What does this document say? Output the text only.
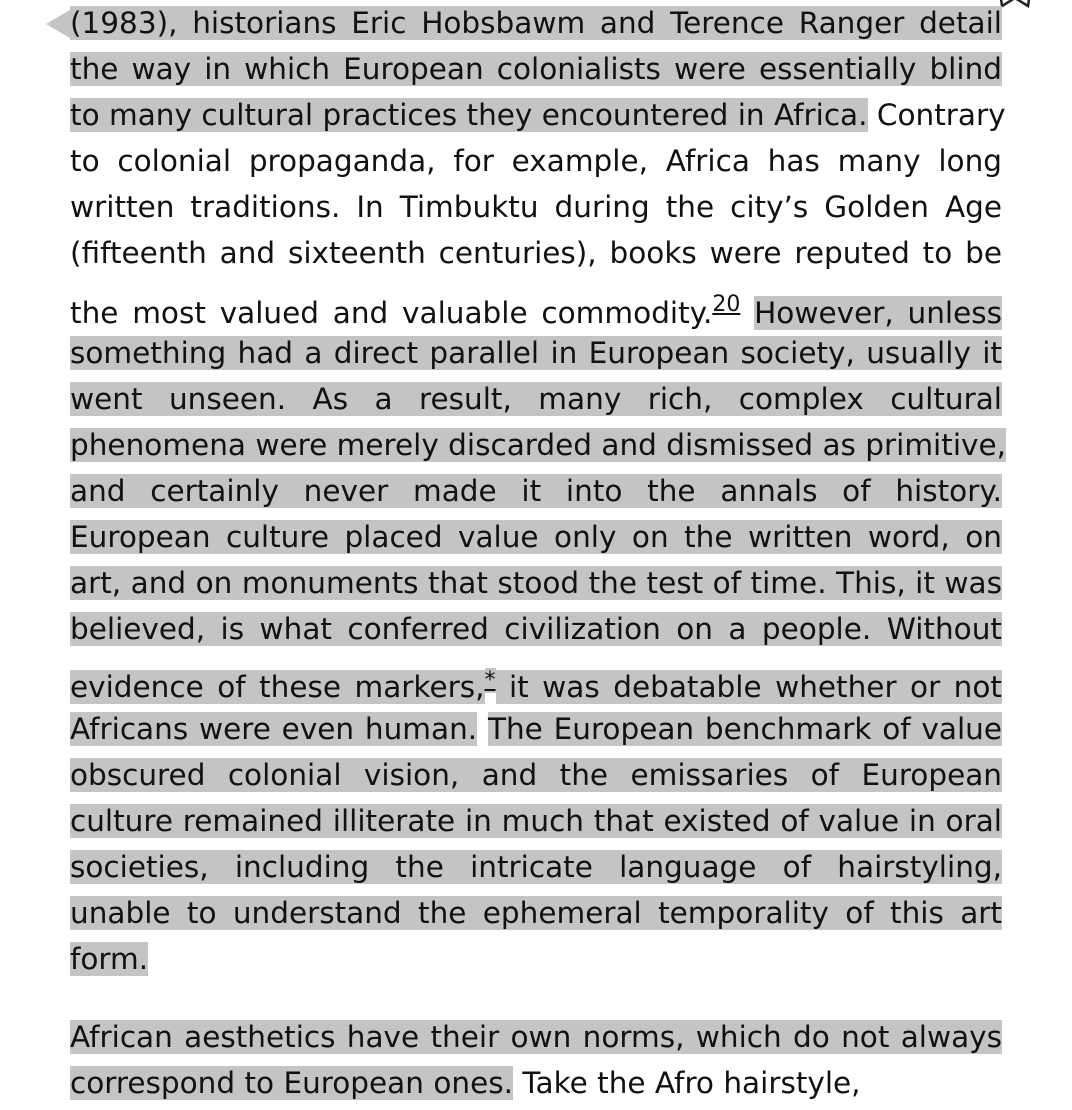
(1983), historians Eric Hobsbawm and Terence Ranger detail
the way in which European colonialists were essentially blind
to many cultural practices they encountered in Africa. Contrary
to colonial propaganda, for example, Africa has many long
written traditions. In Timbuktu during the city’s Golden Age
(fifteenth and sixteenth centuries), books were reputed to be
the most valued and valuable commodity.$^{20}$ However, unless
something had a direct parallel in European society, usually it
went unseen. As a result, many rich, complex cultural
phenomena were merely discarded and dismissed as primitive,
and certainly never made it into the annals of history.
European culture placed value only on the written word, on
art, and on monuments that stood the test of time. This, it was
believed, is what conferred civilization on a people. Without
evidence of these markers,* it was debatable whether or not
Africans were even human. The European benchmark of value
obscured colonial vision, and the emissaries of European
culture remained illiterate in much that existed of value in oral
societies, including the intricate language of hairstyling,
unable to understand the ephemeral temporality of this art
form.
African aesthetics have their own norms, which do not always
correspond to European ones. Take the Afro hairstyle,
